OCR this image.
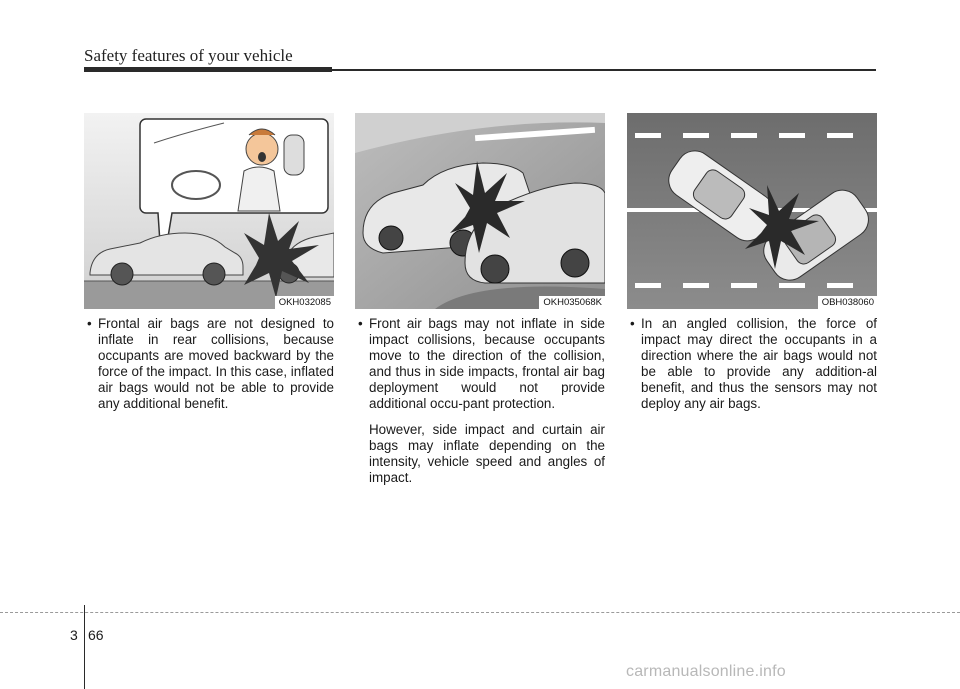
Safety features of your vehicle
OKH032085

• Frontal air bags are not designed to inflate in rear collisions, because occupants are moved backward by the force of the impact. In this case, inflated air bags would not be able to provide any additional benefit.

OKH035068K

• Front air bags may not inflate in side impact collisions, because occupants move to the direction of the collision, and thus in side impacts, frontal air bag deployment would not provide additional occu-pant protection.

However, side impact and curtain air bags may inflate depending on the intensity, vehicle speed and angles of impact.

OBH038060

• In an angled collision, the force of impact may direct the occupants in a direction where the air bags would not be able to provide any addition-al benefit, and thus the sensors may not deploy any air bags.

3 66
carmanualsonline.info
